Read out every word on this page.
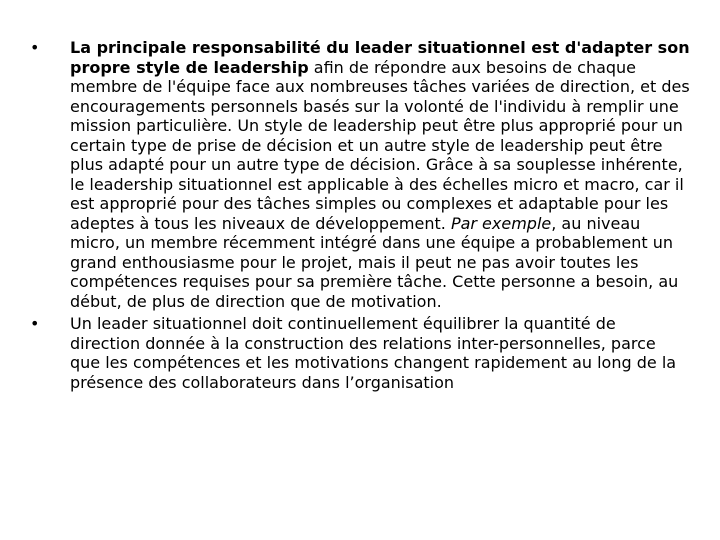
•	La principale responsabilité du leader situationnel est d'adapter son propre style de leadership afin de répondre aux besoins de chaque membre de l'équipe face aux nombreuses tâches variées de direction, et des encouragements personnels basés sur la volonté de l'individu à remplir une mission particulière. Un style de leadership peut être plus approprié pour un certain type de prise de décision et un autre style de leadership peut être plus adapté pour un autre type de décision. Grâce à sa souplesse inhérente, le leadership situationnel est applicable à des échelles micro et macro, car il est approprié pour des tâches simples ou complexes et adaptable pour les adeptes à tous les niveaux de développement. Par exemple, au niveau micro, un membre récemment intégré dans une équipe a probablement un grand enthousiasme pour le projet, mais il peut ne pas avoir toutes les compétences requises pour sa première tâche. Cette personne a besoin, au début, de plus de direction que de motivation.
•	Un leader situationnel doit continuellement équilibrer la quantité de direction donnée à la construction des relations inter-personnelles, parce que les compétences et les motivations changent rapidement au long de la présence des collaborateurs dans l’organisation
